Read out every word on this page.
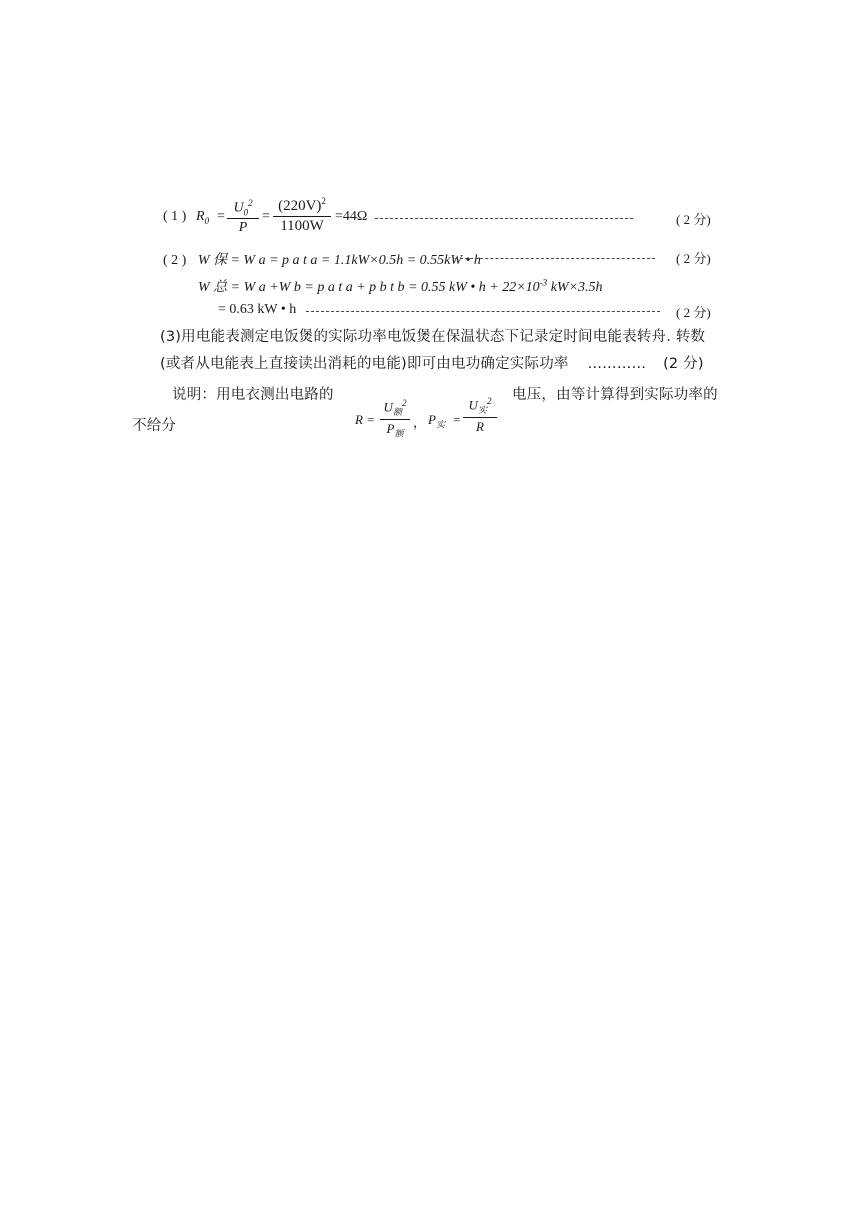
( 1 ) $R_0 = \frac{U_0^2}{P} = \frac{(220V)^2}{1100W} =44\Omega$	( 2 分)
( 2 ) W 保 = W a = p a t a = 1.1kW×0.5h = 0.55kW • h	( 2 分)
W 总 = W a +W b = p a t a + p b t b = 0.55 kW • $h + 22\times 10^{-3}$ kW×3.5h
= 0.63 kW • h	( 2 分)
(3)用电能表测定电饭煲的实际功率电饭煲在保温状态下记录定时间电能表转舟. 转数
(或者从电能表上直接读出消耗的电能)即可由电功确定实际功率 ………… (2 分)
说明：用电衣测出电路的	电压，由等计算得到实际功率的
不给分	R =
$U_额^2$
$P_额$
， $P_实$ =
$U_实^2$
R
